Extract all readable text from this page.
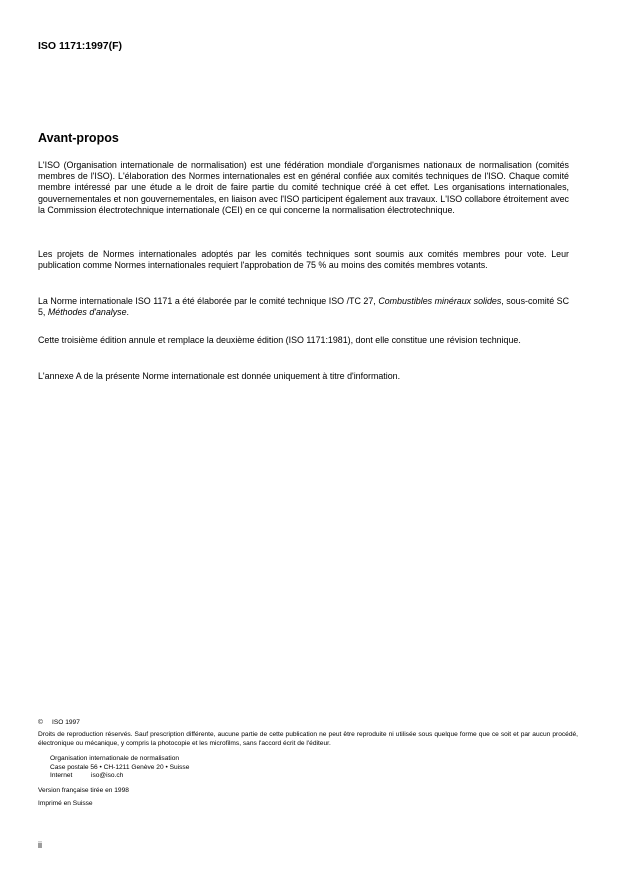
ISO 1171:1997(F)
Avant-propos

L'ISO (Organisation internationale de normalisation) est une fédération mondiale d'organismes nationaux de normalisation (comités membres de l'ISO). L'élaboration des Normes internationales est en général confiée aux comités techniques de l'ISO. Chaque comité membre intéressé par une étude a le droit de faire partie du comité technique créé à cet effet. Les organisations internationales, gouvernementales et non gouvernementales, en liaison avec l'ISO participent également aux travaux. L'ISO collabore étroitement avec la Commission électrotechnique internationale (CEI) en ce qui concerne la normalisation électrotechnique.

Les projets de Normes internationales adoptés par les comités techniques sont soumis aux comités membres pour vote. Leur publication comme Normes internationales requiert l'approbation de 75 % au moins des comités membres votants.

La Norme internationale ISO 1171 a été élaborée par le comité technique ISO /TC 27, Combustibles minéraux solides, sous-comité SC 5, Méthodes d'analyse.

Cette troisième édition annule et remplace la deuxième édition (ISO 1171:1981), dont elle constitue une révision technique.

L'annexe A de la présente Norme internationale est donnée uniquement à titre d'information.

© ISO 1997
Droits de reproduction réservés. Sauf prescription différente, aucune partie de cette publication ne peut être reproduite ni utilisée sous quelque forme que ce soit et par aucun procédé, électronique ou mécanique, y compris la photocopie et les microfilms, sans l'accord écrit de l'éditeur.
Organisation internationale de normalisation
Case postale 56 • CH-1211 Genève 20 • Suisse
Internet	iso@iso.ch
Version française tirée en 1998
Imprimé en Suisse
ii
